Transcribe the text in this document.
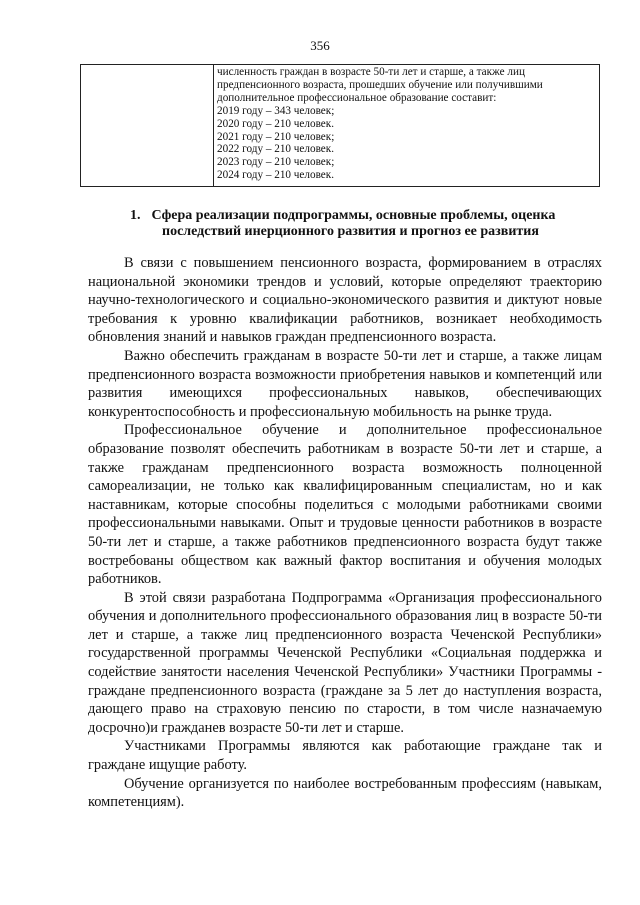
356
численность граждан в возрасте 50-ти лет и старше, а также лиц
предпенсионного возраста, прошедших обучение или получившими
дополнительное профессиональное образование составит:
2019 году – 343 человек;
2020 году – 210 человек.
2021 году – 210 человек;
2022 году – 210 человек.
2023 году – 210 человек;
2024 году – 210 человек.
1. Сфера реализации подпрограммы, основные проблемы, оценка
последствий инерционного развития и прогноз ее развития

В связи с повышением пенсионного возраста, формированием в отраслях национальной экономики трендов и условий, которые определяют траекторию научно-технологического и социально-экономического развития и диктуют новые требования к уровню квалификации работников, возникает необходимость обновления знаний и навыков граждан предпенсионного возраста.

Важно обеспечить гражданам в возрасте 50-ти лет и старше, а также лицам предпенсионного возраста возможности приобретения навыков и компетенций или развития имеющихся профессиональных навыков, обеспечивающих конкурентоспособность и профессиональную мобильность на рынке труда.

Профессиональное обучение и дополнительное профессиональное образование позволят обеспечить работникам в возрасте 50-ти лет и старше, а также гражданам предпенсионного возраста возможность полноценной самореализации, не только как квалифицированным специалистам, но и как наставникам, которые способны поделиться с молодыми работниками своими профессиональными навыками. Опыт и трудовые ценности работников в возрасте 50-ти лет и старше, а также работников предпенсионного возраста будут также востребованы обществом как важный фактор воспитания и обучения молодых работников.

В этой связи разработана Подпрограмма «Организация профессионального обучения и дополнительного профессионального образования лиц в возрасте 50-ти лет и старше, а также лиц предпенсионного возраста Чеченской Республики» государственной программы Чеченской Республики «Социальная поддержка и содействие занятости населения Чеченской Республики» Участники Программы - граждане предпенсионного возраста (граждане за 5 лет до наступления возраста, дающего право на страховую пенсию по старости, в том числе назначаемую досрочно)и гражданев возрасте 50-ти лет и старше.

Участниками Программы являются как работающие граждане так и граждане ищущие работу.

Обучение организуется по наиболее востребованным профессиям (навыкам, компетенциям).
